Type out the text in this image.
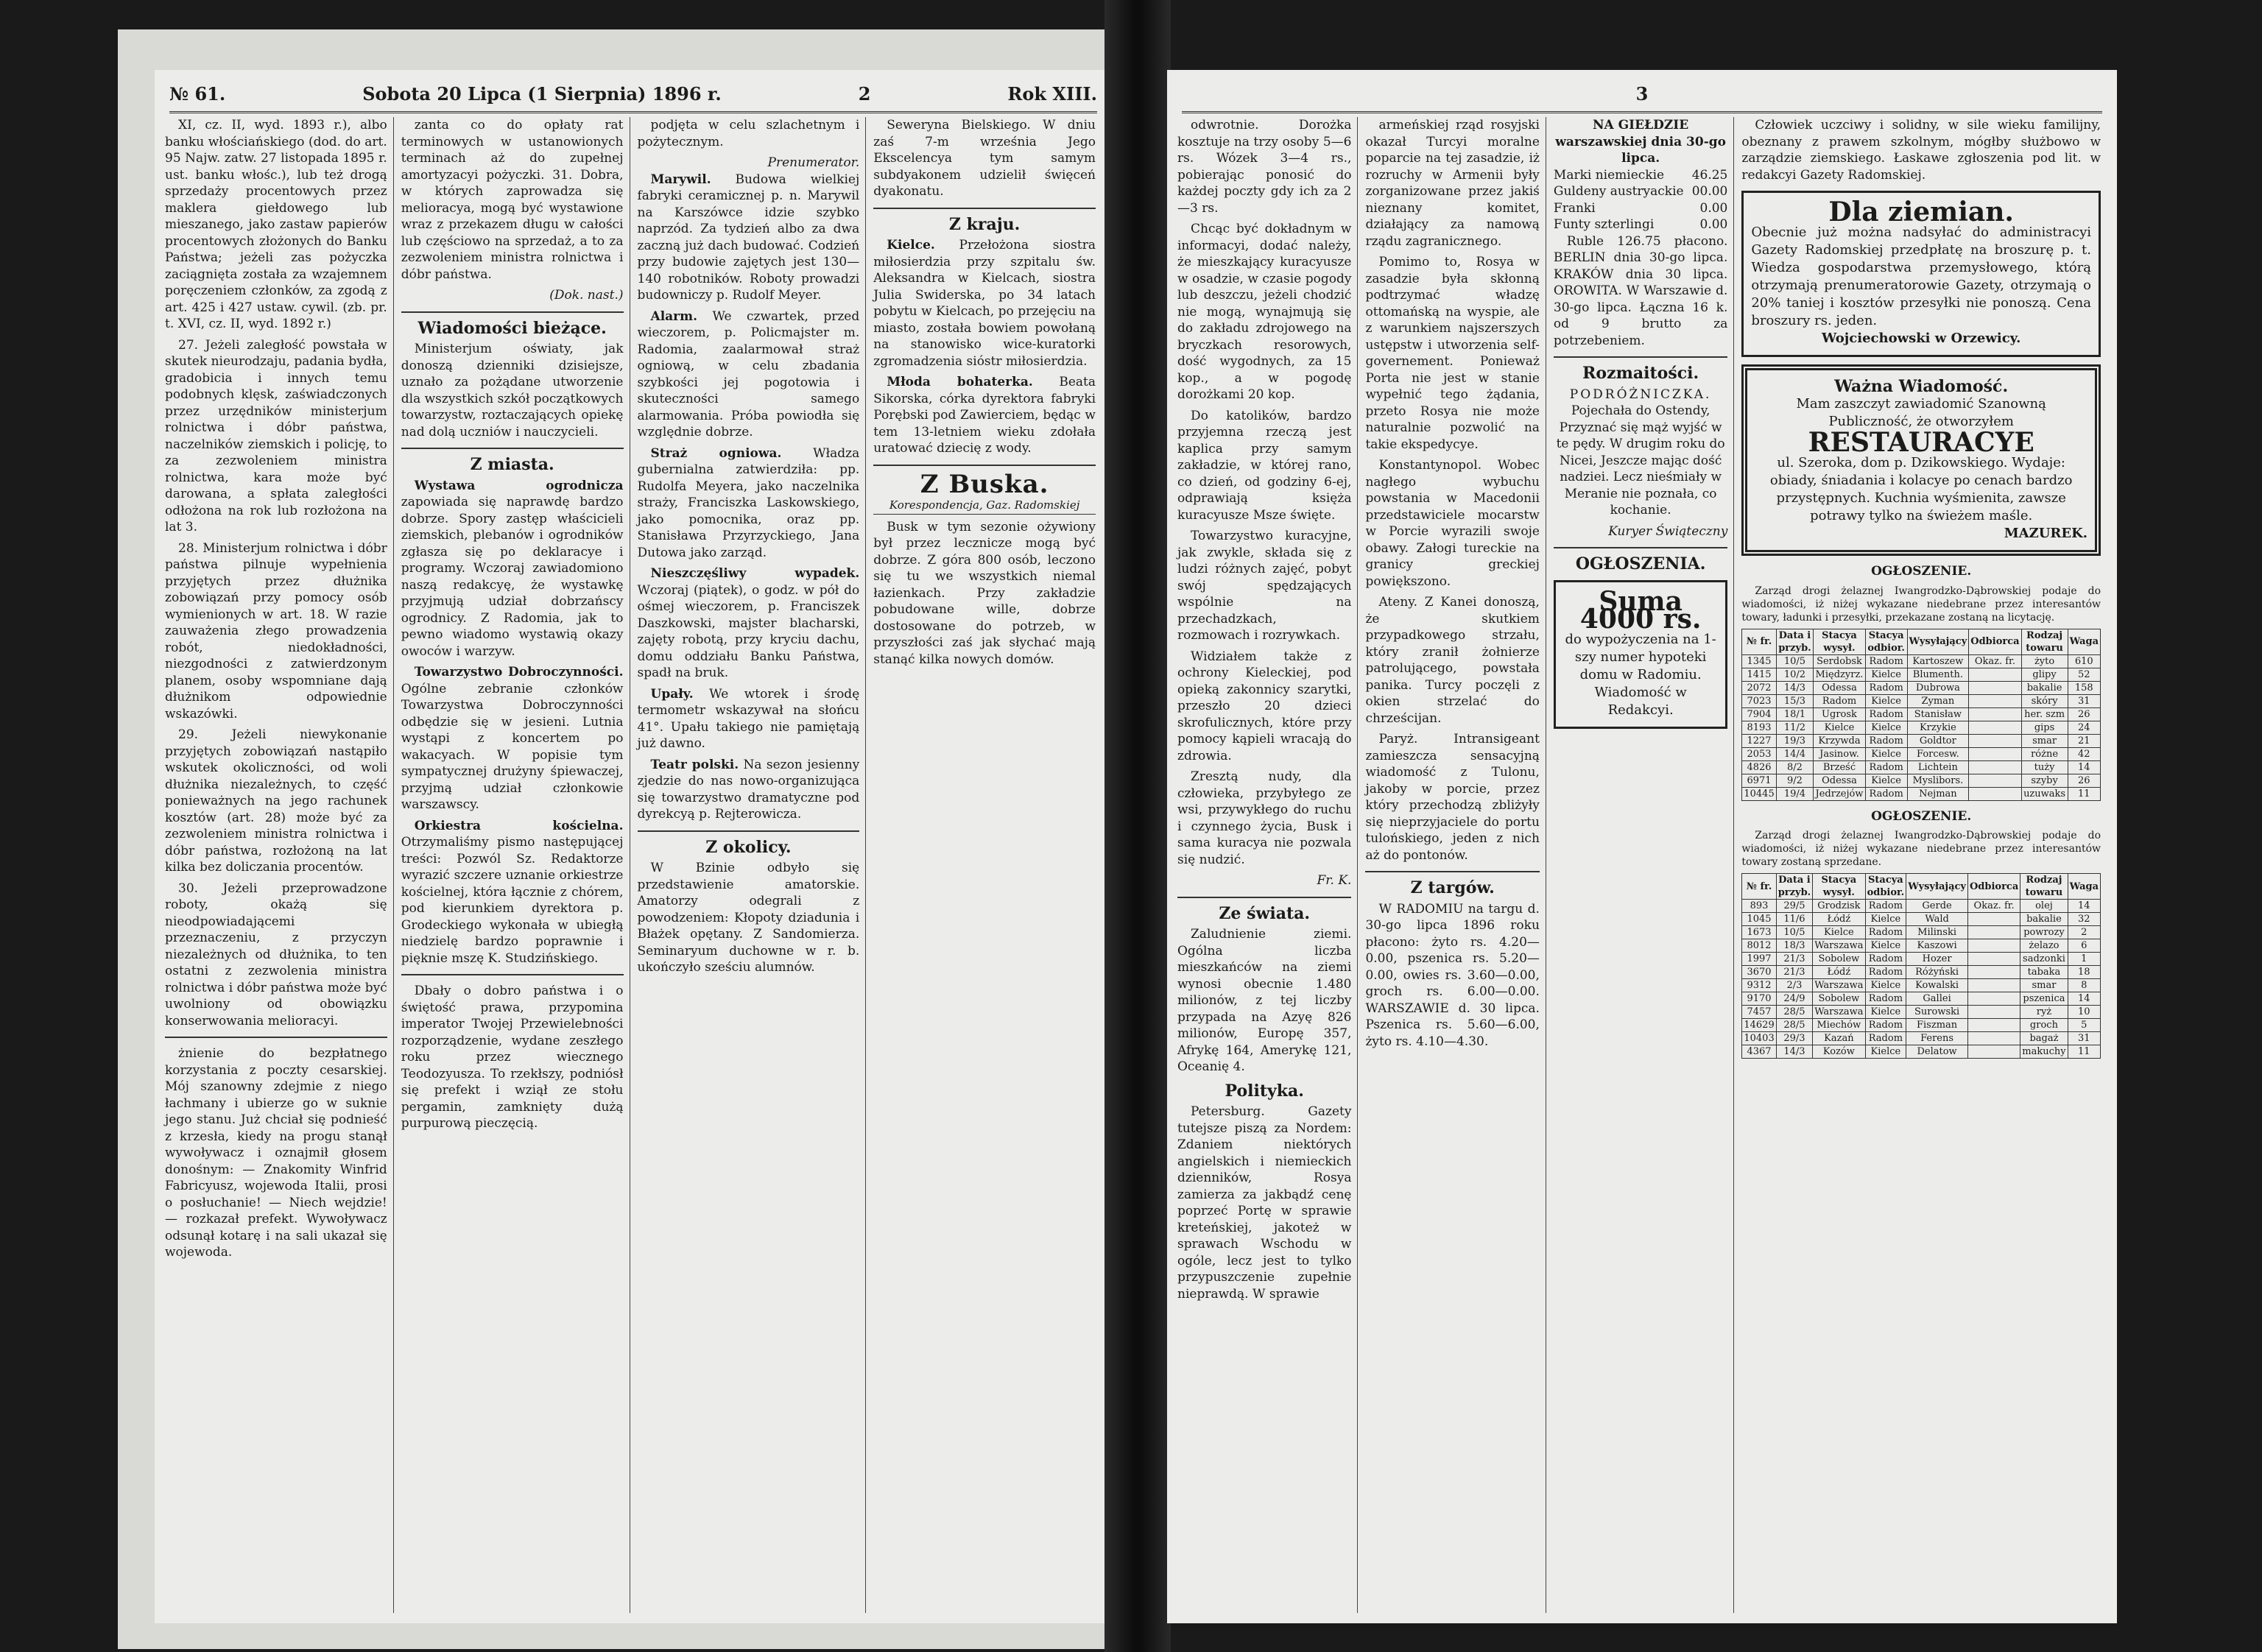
№ 61.	Sobota 20 Lipca (1 Sierpnia) 1896 r.	2	Rok XIII.

XI, cz. II, wyd. 1893 r.), albo banku włościańskiego (dod. do art. 95 Najw. zatw. 27 listopada 1895 r. ust. banku włośc.), lub też drogą sprzedaży procentowych przez maklera giełdowego lub mieszanego, jako zastaw papierów procentowych złożonych do Banku Państwa; jeżeli zas pożyczka zaciągnięta została za wzajemnem poręczeniem członków, za zgodą z art. 425 i 427 ustaw. cywil. (zb. pr. t. XVI, cz. II, wyd. 1892 r.)

27. Jeżeli zaległość powstała w skutek nieurodzaju, padania bydła, gradobicia i innych temu podobnych klęsk, zaświadczonych przez urzędników ministerjum rolnictwa i dóbr państwa, naczelników ziemskich i policję, to za zezwoleniem ministra rolnictwa, kara może być darowana, a spłata zaległości odłożona na rok lub rozłożona na lat 3.

28. Ministerjum rolnictwa i dóbr państwa pilnuje wypełnienia przyjętych przez dłużnika zobowiązań przy pomocy osób wymienionych w art. 18. W razie zauważenia złego prowadzenia robót, niedokładności, niezgodności z zatwierdzonym planem, osoby wspomniane dają dłużnikom odpowiednie wskazówki.

29. Jeżeli niewykonanie przyjętych zobowiązań nastąpiło wskutek okoliczności, od woli dłużnika niezależnych, to część ponieważnych na jego rachunek kosztów (art. 28) może być za zezwoleniem ministra rolnictwa i dóbr państwa, rozłożoną na lat kilka bez doliczania procentów.

30. Jeżeli przeprowadzone roboty, okażą się nieodpowiadającemi przeznaczeniu, z przyczyn niezależnych od dłużnika, to ten ostatni z zezwolenia ministra rolnictwa i dóbr państwa może być uwolniony od obowiązku konserwowania melioracyi.

żnienie do bezpłatnego korzystania z poczty cesarskiej. Mój szanowny zdejmie z niego łachmany i ubierze go w suknie jego stanu. Już chciał się podnieść z krzesła, kiedy na progu stanął wywoływacz i oznajmił głosem donośnym: — Znakomity Winfrid Fabricyusz, wojewoda Italii, prosi o posłuchanie! — Niech wejdzie! — rozkazał prefekt. Wywoływacz odsunął kotarę i na sali ukazał się wojewoda.

zanta co do opłaty rat terminowych w ustanowionych terminach aż do zupełnej amortyzacyi pożyczki. 31. Dobra, w których zaprowadza się melioracya, mogą być wystawione wraz z przekazem długu w całości lub częściowo na sprzedaż, a to za zezwoleniem ministra rolnictwa i dóbr państwa.

(Dok. nast.)
Wiadomości bieżące.

Ministerjum oświaty, jak donoszą dzienniki dzisiejsze, uznało za pożądane utworzenie dla wszystkich szkół początkowych towarzystw, roztaczających opiekę nad dolą uczniów i nauczycieli.

Z miasta.

Wystawa ogrodnicza zapowiada się naprawdę bardzo dobrze. Spory zastęp właścicieli ziemskich, plebanów i ogrodników zgłasza się po deklaracye i programy. Wczoraj zawiadomiono naszą redakcyę, że wystawkę przyjmują udział dobrzańscy ogrodnicy. Z Radomia, jak to pewno wiadomo wystawią okazy owoców i warzyw.

Towarzystwo Dobroczynności. Ogólne zebranie członków Towarzystwa Dobroczynności odbędzie się w jesieni. Lutnia wystąpi z koncertem po wakacyach. W popisie tym sympatycznej drużyny śpiewaczej, przyjmą udział członkowie warszawscy.

Orkiestra kościelna. Otrzymaliśmy pismo następującej treści: Pozwól Sz. Redaktorze wyrazić szczere uznanie orkiestrze kościelnej, która łącznie z chórem, pod kierunkiem dyrektora p. Grodeckiego wykonała w ubiegłą niedzielę bardzo poprawnie i pięknie mszę K. Studzińskiego.

Dbały o dobro państwa i o świętość prawa, przypomina imperator Twojej Przewielebności rozporządzenie, wydane zeszłego roku przez wiecznego Teodozyusza. To rzekłszy, podniósł się prefekt i wziął ze stołu pergamin, zamknięty dużą purpurową pieczęcią.

podjęta w celu szlachetnym i pożytecznym.

Prenumerator.

Marywil. Budowa wielkiej fabryki ceramicznej p. n. Marywil na Karszówce idzie szybko naprzód. Za tydzień albo za dwa zaczną już dach budować. Codzień przy budowie zajętych jest 130—140 robotników. Roboty prowadzi budowniczy p. Rudolf Meyer.

Alarm. We czwartek, przed wieczorem, p. Policmajster m. Radomia, zaalarmował straż ogniową, w celu zbadania szybkości jej pogotowia i skuteczności samego alarmowania. Próba powiodła się względnie dobrze.

Straż ogniowa.	Władza gubernialna zatwierdziła: pp. Rudolfa Meyera, jako naczelnika straży, Franciszka Laskowskiego, jako pomocnika, oraz pp. Stanisława Przyrzyckiego, Jana Dutowa jako zarząd.

Nieszczęśliwy wypadek. Wczoraj (piątek), o godz. w pół do ośmej wieczorem, p. Franciszek Daszkowski, majster blacharski, zajęty robotą, przy kryciu dachu, domu oddziału Banku Państwa, spadł na bruk.

Upały. We wtorek i środę termometr wskazywał na słońcu 41°. Upału takiego nie pamiętają już dawno.

Teatr polski. Na sezon jesienny zjedzie do nas nowo-organizująca się towarzystwo dramatyczne pod dyrekcyą p. Rejterowicza.

Z okolicy.

W Bzinie odbyło się przedstawienie amatorskie. Amatorzy odegrali z powodzeniem: Kłopoty dziadunia i Błażek opętany. Z Sandomierza. Seminaryum duchowne w r. b. ukończyło sześciu alumnów.

Seweryna Bielskiego. W dniu zaś 7-m września Jego Ekscelencya tym samym subdyakonem udzielił święceń dyakonatu.

Z kraju.

Kielce. Przełożona siostra miłosierdzia przy szpitalu św. Aleksandra w Kielcach, siostra Julia Swiderska, po 34 latach pobytu w Kielcach, po przejęciu na miasto, została bowiem powołaną na stanowisko wice-kuratorki zgromadzenia sióstr miłosierdzia.

Młoda bohaterka. Beata Sikorska, córka dyrektora fabryki Porębski pod Zawierciem, będąc w tem 13-letniem wieku zdołała uratować dziecię z wody.

Z Buska.
Korespondencja, Gaz. Radomskiej

Busk w tym sezonie ożywiony był przez lecznicze mogą być dobrze. Z góra 800 osób, leczono się tu we wszystkich niemal łazienkach. Przy zakładzie pobudowane wille, dobrze dostosowane do potrzeb, w przyszłości zaś jak słychać mają stanąć kilka nowych domów.

3

odwrotnie. Dorożka kosztuje na trzy osoby 5—6 rs. Wózek 3—4 rs., pobierając ponosić do każdej poczty gdy ich za 2—3 rs.

Chcąc być dokładnym w informacyi, dodać należy, że mieszkający kuracyusze w osadzie, w czasie pogody lub deszczu, jeżeli chodzić nie mogą, wynajmują się do zakładu zdrojowego na bryczkach resorowych, dość wygodnych, za 15 kop., a w pogodę dorożkami 20 kop.

Do katolików, bardzo przyjemna rzeczą jest kaplica przy samym zakładzie, w której rano, co dzień, od godziny 6-ej, odprawiają księża kuracyusze Msze święte.

Towarzystwo kuracyjne, jak zwykle, składa się z ludzi różnych zajęć, pobyt swój spędzających wspólnie na przechadzkach, rozmowach i rozrywkach.

Widziałem także z ochrony Kieleckiej, pod opieką zakonnicy szarytki, przeszło 20 dzieci skrofulicznych, które przy pomocy kąpieli wracają do zdrowia.

Zresztą nudy, dla człowieka, przybyłego ze wsi, przywykłego do ruchu i czynnego życia, Busk i sama kuracya nie pozwala się nudzić.

Fr. K.
Ze świata.

Zaludnienie ziemi. Ogólna liczba mieszkańców na ziemi wynosi obecnie 1.480 milionów, z tej liczby przypada na Azyę 826 milionów, Europę 357, Afrykę 164, Amerykę 121, Oceanię 4.

Polityka.

Petersburg. Gazety tutejsze piszą za Nordem: Zdaniem niektórych angielskich i niemieckich dzienników, Rosya zamierza za jakbądź cenę poprzeć Portę w sprawie kreteńskiej, jakoteż w sprawach Wschodu w ogóle, lecz jest to tylko przypuszczenie zupełnie nieprawdą. W sprawie

armeńskiej rząd rosyjski okazał Turcyi moralne poparcie na tej zasadzie, iż rozruchy w Armenii były zorganizowane przez jakiś nieznany komitet, działający za namową rządu zagranicznego.

Pomimo to, Rosya w zasadzie była skłonną podtrzymać władzę ottomańską na wyspie, ale z warunkiem najszerszych ustępstw i utworzenia self-governement. Ponieważ Porta nie jest w stanie wypełnić tego żądania, przeto Rosya nie może naturalnie pozwolić na takie ekspedycye.

Konstantynopol. Wobec nagłego wybuchu powstania w Macedonii przedstawiciele mocarstw w Porcie wyrazili swoje obawy. Załogi tureckie na granicy greckiej powiększono.

Ateny. Z Kanei donoszą, że skutkiem przypadkowego strzału, który zranił żołnierze patrolującego, powstała panika. Turcy poczęli z okien strzelać do chrześcijan.

Paryż. Intransigeant zamieszcza sensacyjną wiadomość z Tulonu, jakoby w porcie, przez który przechodzą zbliżyły się nieprzyjaciele do portu tulońskiego, jeden z nich aż do pontonów.

Z targów.

W RADOMIU na targu d. 30-go lipca 1896 roku płacono: żyto rs. 4.20—0.00, pszenica rs. 5.20—0.00, owies rs. 3.60—0.00, groch rs. 6.00—0.00. WARSZAWIE d. 30 lipca. Pszenica rs. 5.60—6.00, żyto rs. 4.10—4.30.

NA GIEŁDZIE warszawskiej dnia 30-go lipca.
Marki niemieckie 46.25
Guldeny austryackie 00.00
Franki	0.00
Funty szterlingi	0.00

Ruble 126.75 płacono. BERLIN dnia 30-go lipca. KRAKÓW dnia 30 lipca. OROWITA. W Warszawie d. 30-go lipca. Łączna 16 k. od 9 brutto za potrzebeniem.

Rozmaitości.
PODRÓŻNICZKA.

Pojechała do Ostendy, Przyznać się mąż wyjść w te pędy. W drugim roku do Nicei, Jeszcze mając dość nadziei. Lecz nieśmiały w Meranie nie poznała, co kochanie.

Kuryer Świąteczny
OGŁOSZENIA.
Suma 4000 rs.
do wypożyczenia na 1-szy numer hypoteki domu w Radomiu. Wiadomość w Redakcyi.

Człowiek uczciwy i solidny, w sile wieku familijny, obeznany z prawem szkolnym, mógłby służbowo w zarządzie ziemskiego. Łaskawe zgłoszenia pod lit. w redakcyi Gazety Radomskiej.

Dla ziemian.
Obecnie już można nadsyłać do administracyi Gazety Radomskiej przedpłatę na broszurę p. t. Wiedza gospodarstwa przemysłowego, którą otrzymają prenumeratorowie Gazety, otrzymają o 20% taniej i kosztów przesyłki nie ponoszą. Cena broszury rs. jeden.
Wojciechowski w Orzewicy.
Ważna Wiadomość.
Mam zaszczyt zawiadomić Szanowną Publiczność, że otworzyłem
RESTAURACYE
ul. Szeroka, dom p. Dzikowskiego. Wydaje: obiady, śniadania i kolacye po cenach bardzo przystępnych. Kuchnia wyśmienita, zawsze potrawy tylko na świeżem maśle.
MAZUREK.
OGŁOSZENIE.

Zarząd drogi żelaznej Iwangrodzko-Dąbrowskiej podaje do wiadomości, iż niżej wykazane niedebrane przez interesantów towary, ładunki i przesyłki, przekazane zostaną na licytację.

№ fr.	Data i przyb.	Stacya wysył.	Stacya odbior.	Wysyłający	Odbiorca	Rodzaj towaru	Waga
1345	10/5	Serdobsk	Radom	Kartoszew	Okaz. fr.	żyto	610
1415	10/2	Międzyrz.	Kielce	Blumenth.		glipy	52
2072	14/3	Odessa	Radom	Dubrowa		bakalie	158
7023	15/3	Radom	Kielce	Zyman		skóry	31
7904	18/1	Ugrosk	Radom	Stanisław		her. szm	26
8193	11/2	Kielce	Kielce	Krzykie		gips	24
1227	19/3	Krzywda	Radom	Goldtor		smar	21
2053	14/4	Jasinow.	Kielce	Forcesw.		różne	42
4826	8/2	Brześć	Radom	Lichtein		tuży	14
6971	9/2	Odessa	Kielce	Myslibors.		szyby	26
10445	19/4	Jedrzejów	Radom	Nejman		uzuwaks	11
OGŁOSZENIE.

Zarząd drogi żelaznej Iwangrodzko-Dąbrowskiej podaje do wiadomości, iż niżej wykazane niedebrane przez interesantów towary zostaną sprzedane.

№ fr.	Data i przyb.	Stacya wysył.	Stacya odbior.	Wysyłający	Odbiorca	Rodzaj towaru	Waga
893	29/5	Grodzisk	Radom	Gerde	Okaz. fr.	olej	14
1045	11/6	Łódź	Kielce	Wald		bakalie	32
1673	10/5	Kielce	Radom	Milinski		powrozy	2
8012	18/3	Warszawa	Kielce	Kaszowi		żelazo	6
1997	21/3	Sobolew	Radom	Hozer		sadzonki	1
3670	21/3	Łódź	Radom	Różyński		tabaka	18
9312	2/3	Warszawa	Kielce	Kowalski		smar	8
9170	24/9	Sobolew	Radom	Gallei		pszenica	14
7457	28/5	Warszawa	Kielce	Surowski		ryż	10
14629	28/5	Miechów	Radom	Fiszman		groch	5
10403	29/3	Kazań	Radom	Ferens		bagaż	31
4367	14/3	Kozów	Kielce	Delatow		makuchy	11
